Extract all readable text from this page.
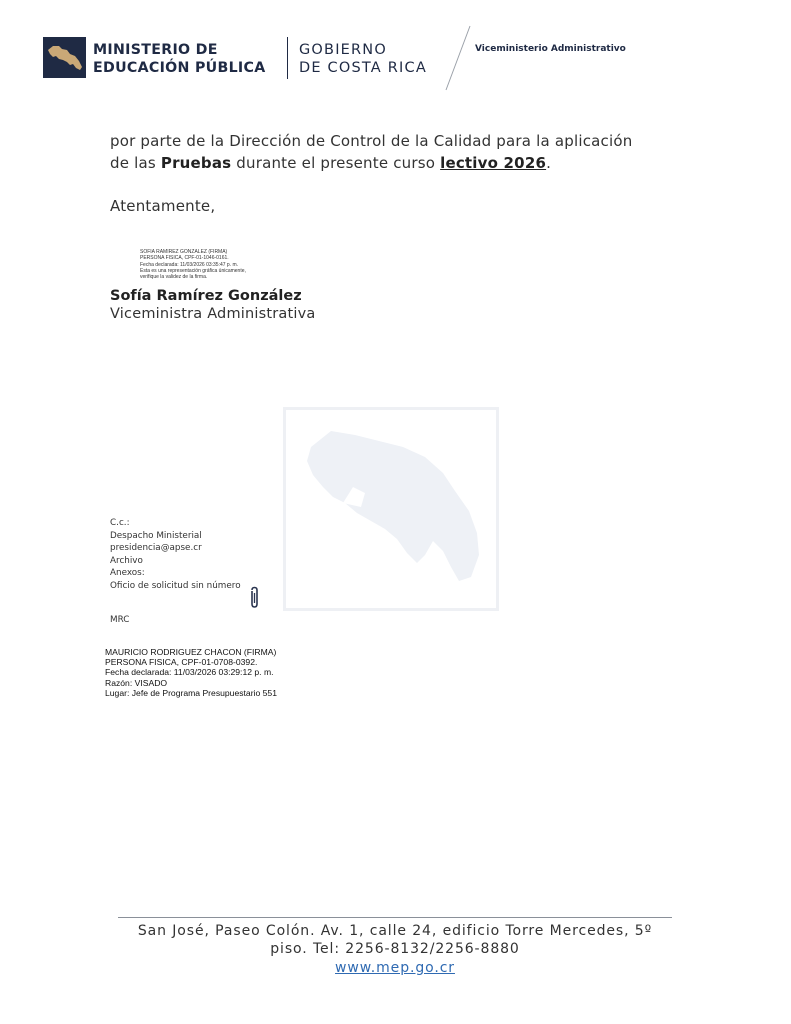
MINISTERIO DE
EDUCACIÓN PÚBLICA
GOBIERNO
DE COSTA RICA
Viceministerio Administrativo
por parte de la Dirección de Control de la Calidad para la aplicación
de las Pruebas durante el presente curso lectivo 2026.
Atentamente,
SOFIA RAMIREZ GONZALEZ (FIRMA)
PERSONA FISICA, CPF-01-1046-0161.
Fecha declarada: 11/03/2026 03:35:47 p. m.
Esta es una representación gráfica únicamente,
verifique la validez de la firma.
Sofía Ramírez González
Viceministra Administrativa
C.c.:
Despacho Ministerial
presidencia@apse.cr
Archivo
Anexos:
Oficio de solicitud sin número
MRC
MAURICIO RODRIGUEZ CHACON (FIRMA)
PERSONA FISICA, CPF-01-0708-0392.
Fecha declarada: 11/03/2026 03:29:12 p. m.
Razón: VISADO
Lugar: Jefe de Programa Presupuestario 551
San José, Paseo Colón. Av. 1, calle 24, edificio Torre Mercedes, 5º
piso. Tel: 2256-8132/2256-8880
www.mep.go.cr
